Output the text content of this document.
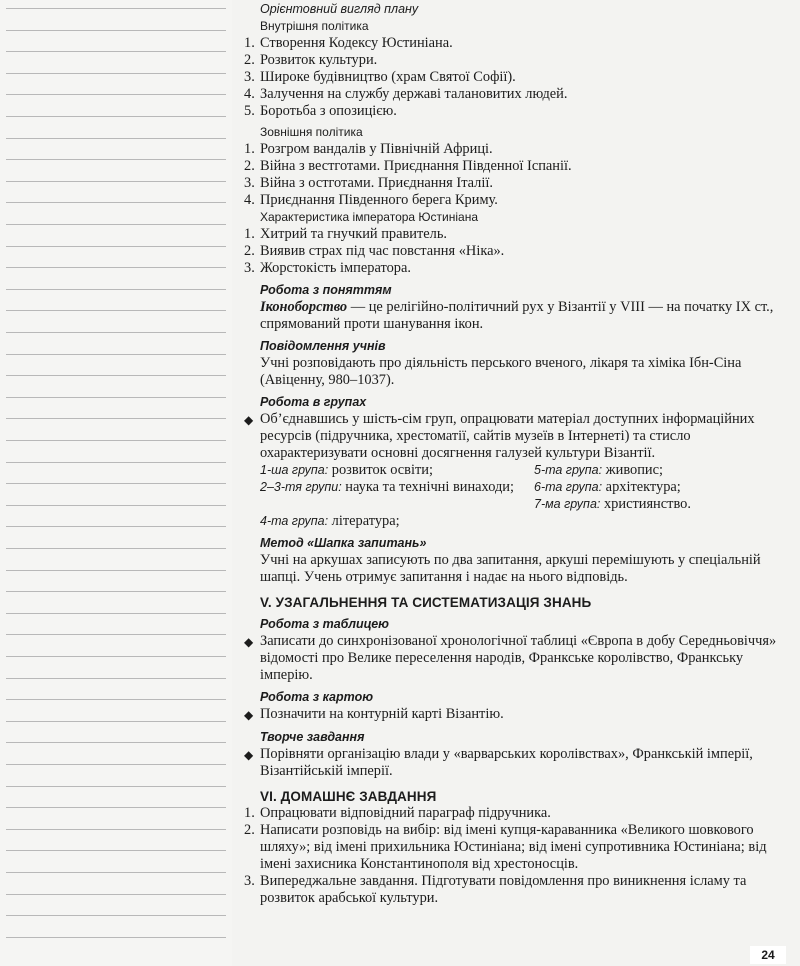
Орієнтовний вигляд плану
Внутрішня політика
1. Створення Кодексу Юстиніана.
2. Розвиток культури.
3. Широке будівництво (храм Святої Софії).
4. Залучення на службу державі талановитих людей.
5. Боротьба з опозицією.
Зовнішня політика
1. Розгром вандалів у Північній Африці.
2. Війна з вестготами. Приєднання Південної Іспанії.
3. Війна з остготами. Приєднання Італії.
4. Приєднання Південного берега Криму.
Характеристика імператора Юстиніана
1. Хитрий та гнучкий правитель.
2. Виявив страх під час повстання «Ніка».
3. Жорстокість імператора.
Робота з поняттям
Іконоборство — це релігійно-політичний рух у Візантії у VIII — на початку IX ст., спрямований проти шанування ікон.
Повідомлення учнів
Учні розповідають про діяльність перського вченого, лікаря та хіміка Ібн-Сіна (Авіценну, 980–1037).
Робота в групах
◆ Об’єднавшись у шість-сім груп, опрацювати матеріал доступних інформаційних ресурсів (підручника, хрестоматії, сайтів музеїв в Інтернеті) та стисло охарактеризувати основні досягнення галузей культури Візантії.
1-ша група: розвиток освіти;	5-та група: живопис;
2–3-тя групи: наука та технічні винаходи;	6-та група: архітектура;
7-ма група: християнство.
4-та група: література;
Метод «Шапка запитань»
Учні на аркушах записують по два запитання, аркуші перемішують у спеціальній шапці. Учень отримує запитання і надає на нього відповідь.
V. УЗАГАЛЬНЕННЯ ТА СИСТЕМАТИЗАЦІЯ ЗНАНЬ
Робота з таблицею
◆ Записати до синхронізованої хронологічної таблиці «Європа в добу Середньовіччя» відомості про Велике переселення народів, Франкське королівство, Франкську імперію.
Робота з картою
◆ Позначити на контурній карті Візантію.
Творче завдання
◆ Порівняти організацію влади у «варварських королівствах», Франкській імперії, Візантійській імперії.
VI. ДОМАШНЄ ЗАВДАННЯ
1. Опрацювати відповідний параграф підручника.
2. Написати розповідь на вибір: від імені купця-караванника «Великого шовкового шляху»; від імені прихильника Юстиніана; від імені супротивника Юстиніана; від імені захисника Константинополя від хрестоносців.
3. Випереджальне завдання. Підготувати повідомлення про виникнення ісламу та розвиток арабської культури.
24
